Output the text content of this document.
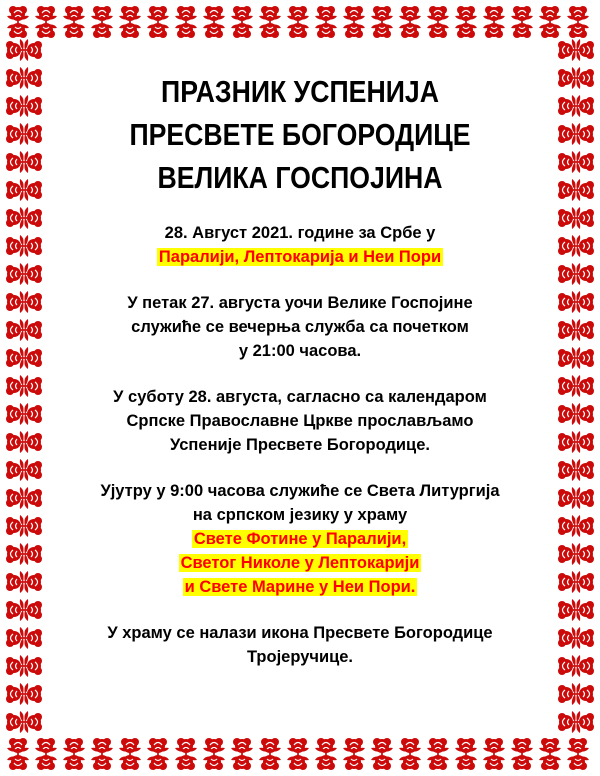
ПРАЗНИК УСПЕНИЈА
ПРЕСВЕТЕ БОГОРОДИЦЕ
ВЕЛИКА ГОСПОЈИНА
28. Август 2021. године за Србе у
Паралији, Лептокарија и Неи Пори
У петак 27. августа уочи Велике Госпојине
служиће се вечерња служба са почетком
у 21:00 часова.
У суботу 28. августа, сагласно са календаром
Српске Православне Цркве прослављамо
Успеније Пресвете Богородице.
Ујутру у 9:00 часова служиће се Света Литургија
на српском језику у храму
Свете Фотине у Паралији,
Светог Николе у Лептокарији
и Свете Марине у Неи Пори.
У храму се налази икона Пресвете Богородице
Тројеручице.
